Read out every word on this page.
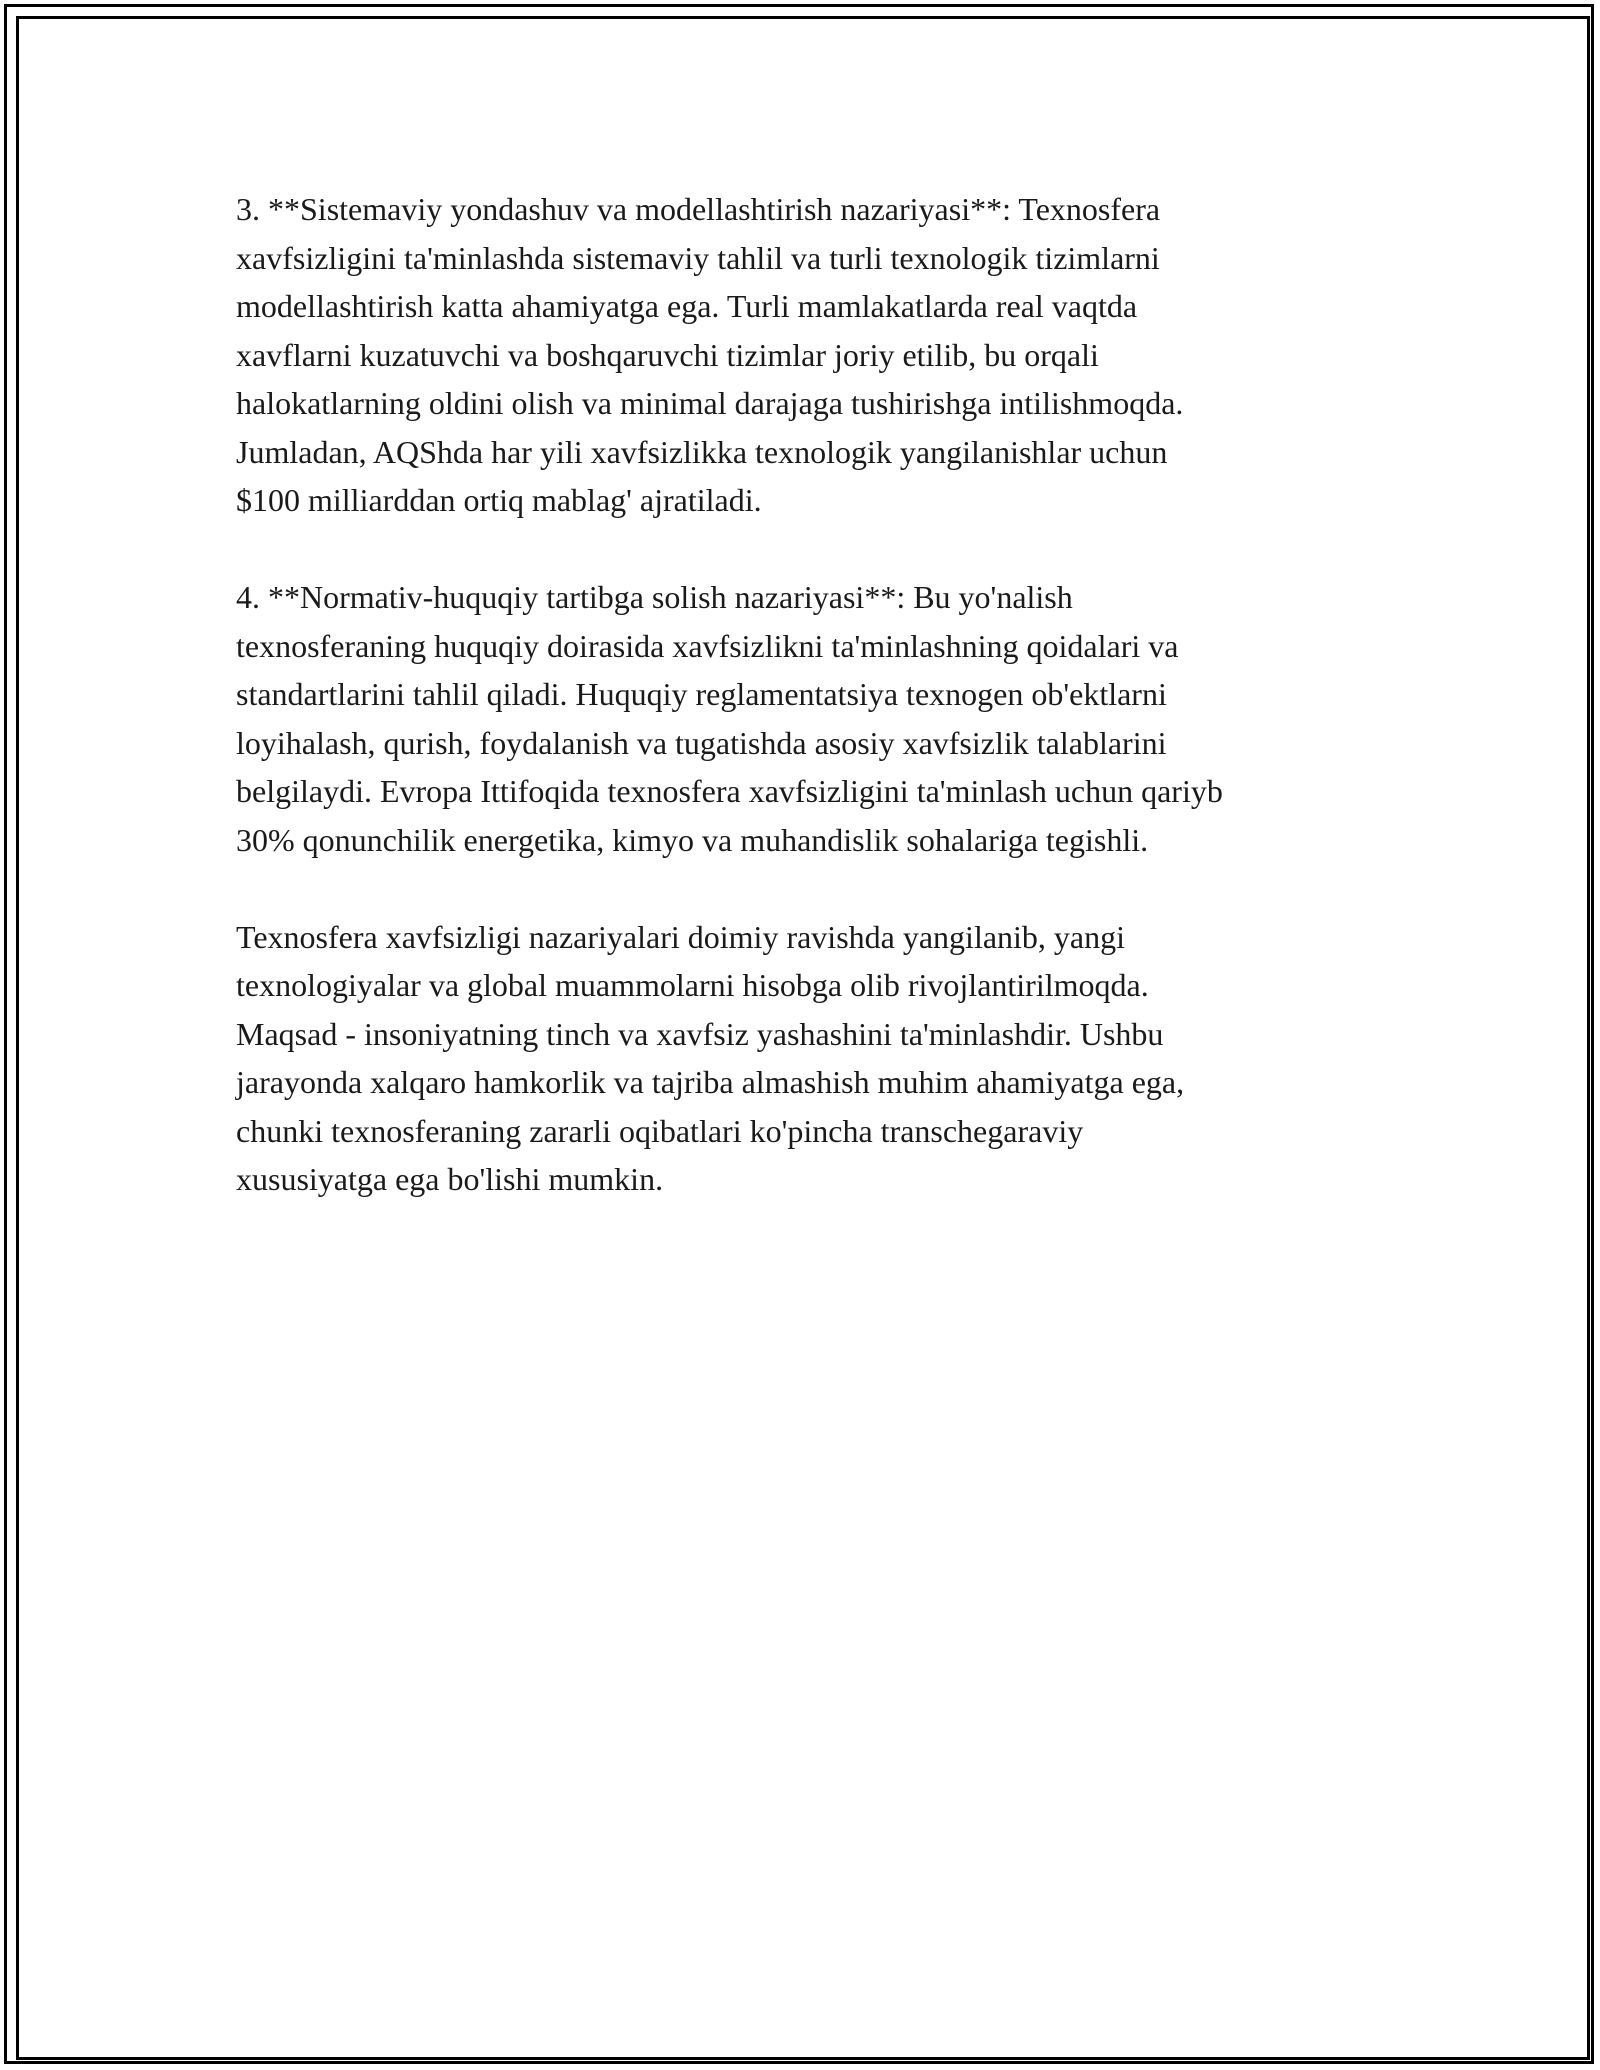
3. **Sistemaviy yondashuv va modellashtirish nazariyasi**: Texnosfera
xavfsizligini ta'minlashda sistemaviy tahlil va turli texnologik tizimlarni
modellashtirish katta ahamiyatga ega. Turli mamlakatlarda real vaqtda
xavflarni kuzatuvchi va boshqaruvchi tizimlar joriy etilib, bu orqali
halokatlarning oldini olish va minimal darajaga tushirishga intilishmoqda.
Jumladan, AQShda har yili xavfsizlikka texnologik yangilanishlar uchun
$100 milliarddan ortiq mablag' ajratiladi.

4. **Normativ-huquqiy tartibga solish nazariyasi**: Bu yo'nalish
texnosferaning huquqiy doirasida xavfsizlikni ta'minlashning qoidalari va
standartlarini tahlil qiladi. Huquqiy reglamentatsiya texnogen ob'ektlarni
loyihalash, qurish, foydalanish va tugatishda asosiy xavfsizlik talablarini
belgilaydi. Evropa Ittifoqida texnosfera xavfsizligini ta'minlash uchun qariyb
30% qonunchilik energetika, kimyo va muhandislik sohalariga tegishli.

Texnosfera xavfsizligi nazariyalari doimiy ravishda yangilanib, yangi
texnologiyalar va global muammolarni hisobga olib rivojlantirilmoqda.
Maqsad - insoniyatning tinch va xavfsiz yashashini ta'minlashdir. Ushbu
jarayonda xalqaro hamkorlik va tajriba almashish muhim ahamiyatga ega,
chunki texnosferaning zararli oqibatlari ko'pincha transchegaraviy
xususiyatga ega bo'lishi mumkin.
